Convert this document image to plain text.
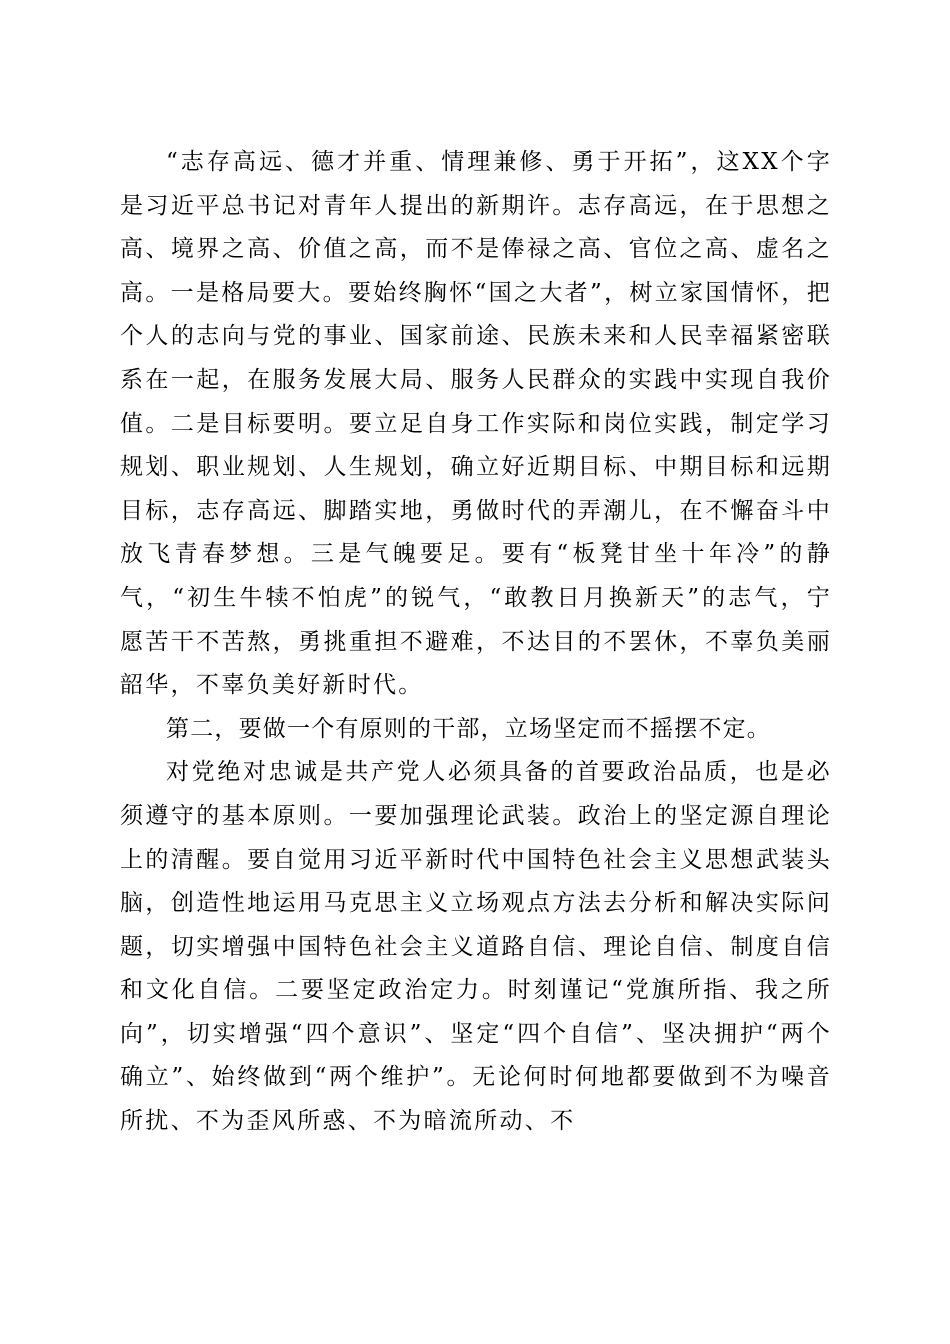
“志存高远、德才并重、情理兼修、勇于开拓”，这XX个字是习近平总书记对青年人提出的新期许。志存高远，在于思想之高、境界之高、价值之高，而不是俸禄之高、官位之高、虚名之高。一是格局要大。要始终胸怀“国之大者”，树立家国情怀，把个人的志向与党的事业、国家前途、民族未来和人民幸福紧密联系在一起，在服务发展大局、服务人民群众的实践中实现自我价值。二是目标要明。要立足自身工作实际和岗位实践，制定学习规划、职业规划、人生规划，确立好近期目标、中期目标和远期目标，志存高远、脚踏实地，勇做时代的弄潮儿，在不懈奋斗中放飞青春梦想。三是气魄要足。要有“板凳甘坐十年冷”的静气，“初生牛犊不怕虎”的锐气，“敢教日月换新天”的志气，宁愿苦干不苦熬，勇挑重担不避难，不达目的不罢休，不辜负美丽韶华，不辜负美好新时代。

第二，要做一个有原则的干部，立场坚定而不摇摆不定。

对党绝对忠诚是共产党人必须具备的首要政治品质，也是必须遵守的基本原则。一要加强理论武装。政治上的坚定源自理论上的清醒。要自觉用习近平新时代中国特色社会主义思想武装头脑，创造性地运用马克思主义立场观点方法去分析和解决实际问题，切实增强中国特色社会主义道路自信、理论自信、制度自信和文化自信。二要坚定政治定力。时刻谨记“党旗所指、我之所向”，切实增强“四个意识”、坚定“四个自信”、坚决拥护“两个确立”、始终做到“两个维护”。无论何时何地都要做到不为噪音所扰、不为歪风所惑、不为暗流所动、不
